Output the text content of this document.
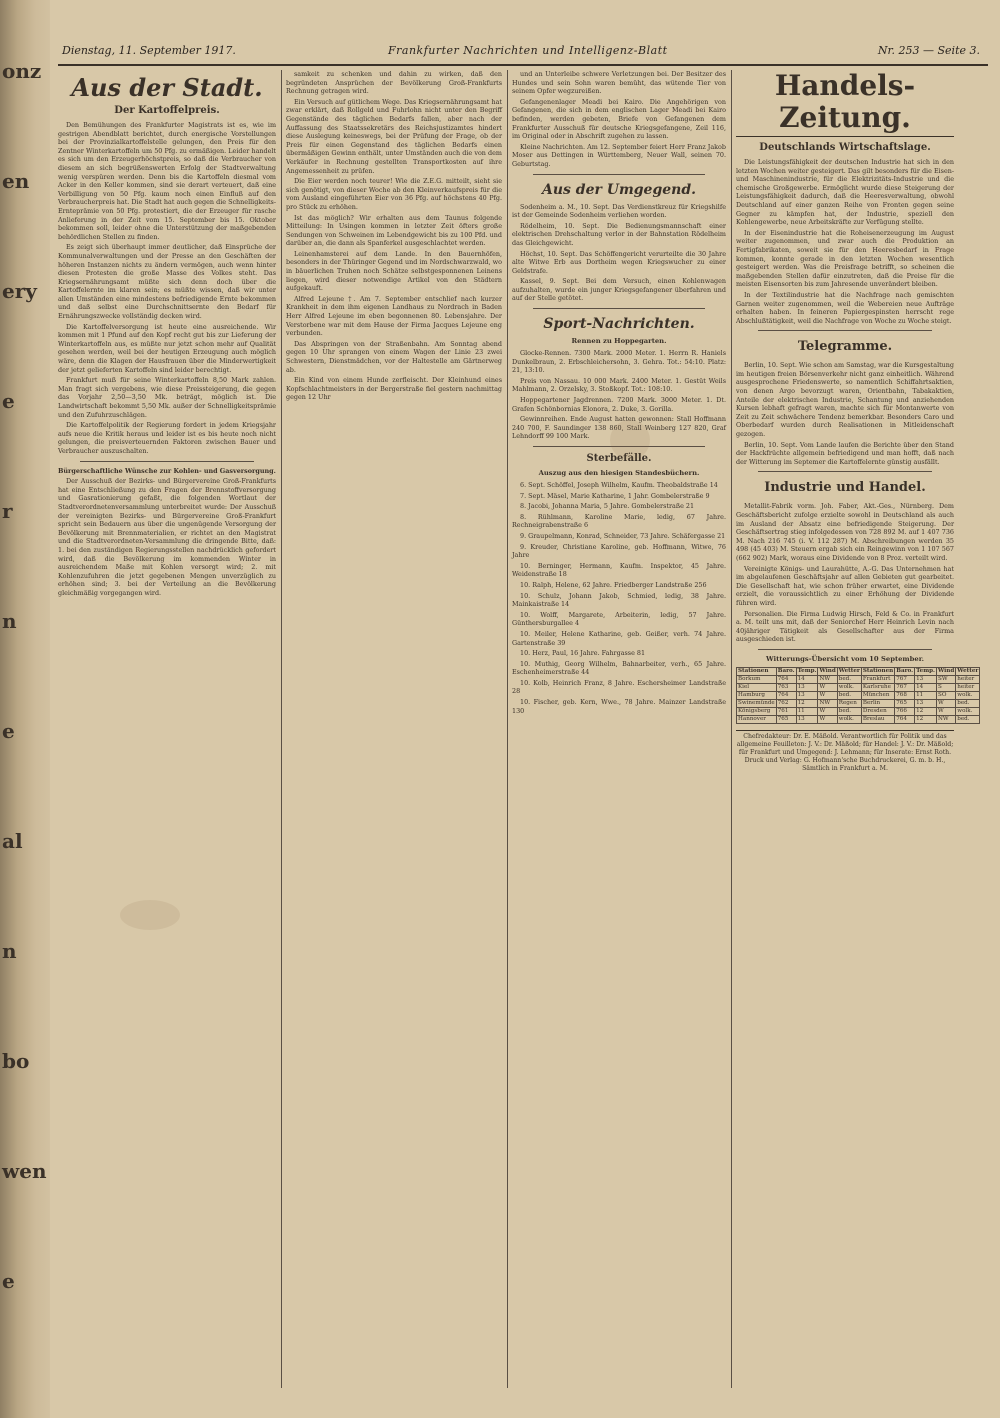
onz
en
ery
e
r
n
e
al
n
bo
wen
e
Dienstag, 11. September 1917.	Frankfurter Nachrichten und Intelligenz-Blatt	Nr. 253 — Seite 3.
Aus der Stadt.
Der Kartoffelpreis.

Den Bemühungen des Frankfurter Magistrats ist es, wie im gestrigen Abendblatt berichtet, durch energische Vorstellungen bei der Provinzialkartoffelstelle gelungen, den Preis für den Zentner Winterkartoffeln um 50 Pfg. zu ermäßigen. Leider handelt es sich um den Erzeugerhöchstpreis, so daß die Verbraucher von diesem an sich begrüßenswerten Erfolg der Stadtverwaltung wenig verspüren werden. Denn bis die Kartoffeln diesmal vom Acker in den Keller kommen, sind sie derart verteuert, daß eine Verbilligung von 50 Pfg. kaum noch einen Einfluß auf den Verbraucherpreis hat. Die Stadt hat auch gegen die Schnelligkeits-Ernteprämie von 50 Pfg. protestiert, die der Erzeuger für rasche Anlieferung in der Zeit vom 15. September bis 15. Oktober bekommen soll, leider ohne die Unterstützung der maßgebenden behördlichen Stellen zu finden.

Es zeigt sich überhaupt immer deutlicher, daß Einsprüche der Kommunalverwaltungen und der Presse an den Geschäften der höheren Instanzen nichts zu ändern vermögen, auch wenn hinter diesen Protesten die große Masse des Volkes steht. Das Kriegsernährungsamt müßte sich denn doch über die Kartoffelernte im klaren sein; es müßte wissen, daß wir unter allen Umständen eine mindestens befriedigende Ernte bekommen und daß selbst eine Durchschnittsernte den Bedarf für Ernährungszwecke vollständig decken wird.

Die Kartoffelversorgung ist heute eine ausreichende. Wir kommen mit 1 Pfund auf den Kopf recht gut bis zur Lieferung der Winterkartoffeln aus, es müßte nur jetzt schon mehr auf Qualität gesehen werden, weil bei der heutigen Erzeugung auch möglich wäre, denn die Klagen der Hausfrauen über die Minderwertigkeit der jetzt gelieferten Kartoffeln sind leider berechtigt.

Frankfurt muß für seine Winterkartoffeln 8,50 Mark zahlen. Man fragt sich vergebens, wie diese Preissteigerung, die gegen das Vorjahr 2,50—3,50 Mk. beträgt, möglich ist. Die Landwirtschaft bekommt 5,50 Mk. außer der Schnelligkeitsprämie und den Zufuhrzuschlägen.

Die Kartoffelpolitik der Regierung fordert in jedem Kriegsjahr aufs neue die Kritik heraus und leider ist es bis heute noch nicht gelungen, die preisverteuernden Faktoren zwischen Bauer und Verbraucher auszuschalten.

Bürgerschaftliche Wünsche zur Kohlen- und Gasversorgung.

Der Ausschuß der Bezirks- und Bürgervereine Groß-Frankfurts hat eine Entschließung zu den Fragen der Brennstoffversorgung und Gasrationierung gefaßt, die folgenden Wortlaut der Stadtverordnetenversammlung unterbreitet wurde: Der Ausschuß der vereinigten Bezirks- und Bürgervereine Groß-Frankfurt spricht sein Bedauern aus über die ungenügende Versorgung der Bevölkerung mit Brennmaterialien, er richtet an den Magistrat und die Stadtverordneten-Versammlung die dringende Bitte, daß: 1. bei den zuständigen Regierungsstellen nachdrücklich gefordert wird, daß die Bevölkerung im kommenden Winter in ausreichendem Maße mit Kohlen versorgt wird; 2. mit Kohlenzufuhren die jetzt gegebenen Mengen unverzüglich zu erhöhen sind; 3. bei der Verteilung an die Bevölkerung gleichmäßig vorgegangen wird.

samkeit zu schenken und dahin zu wirken, daß den begründeten Ansprüchen der Bevölkerung Groß-Frankfurts Rechnung getragen wird.

Ein Versuch auf gütlichem Wege. Das Kriegsernährungsamt hat zwar erklärt, daß Rollgeld und Fuhrlohn nicht unter den Begriff Gegenstände des täglichen Bedarfs fallen, aber nach der Auffassung des Staatssekretärs des Reichsjustizamtes hindert diese Auslegung keineswegs, bei der Prüfung der Frage, ob der Preis für einen Gegenstand des täglichen Bedarfs einen übermäßigen Gewinn enthält, unter Umständen auch die von dem Verkäufer in Rechnung gestellten Transportkosten auf ihre Angemessenheit zu prüfen.

Die Eier werden noch teurer! Wie die Z.E.G. mitteilt, sieht sie sich genötigt, von dieser Woche ab den Kleinverkaufspreis für die vom Ausland eingeführten Eier von 36 Pfg. auf höchstens 40 Pfg. pro Stück zu erhöhen.

Ist das möglich? Wir erhalten aus dem Taunus folgende Mitteilung: In Usingen kommen in letzter Zeit öfters große Sendungen von Schweinen im Lebendgewicht bis zu 100 Pfd. und darüber an, die dann als Spanferkel ausgeschlachtet werden.

Leinenhamsterei auf dem Lande. In den Bauernhöfen, besonders in der Thüringer Gegend und im Nordschwarzwald, wo in bäuerlichen Truhen noch Schätze selbstgesponnenen Leinens liegen, wird dieser notwendige Artikel von den Städtern aufgekauft.

Alfred Lejeune †. Am 7. September entschlief nach kurzer Krankheit in dem ihm eigenen Landhaus zu Nordrach in Baden Herr Alfred Lejeune im eben begonnenen 80. Lebensjahre. Der Verstorbene war mit dem Hause der Firma Jacques Lejeune eng verbunden.

Das Abspringen von der Straßenbahn. Am Sonntag abend gegen 10 Uhr sprangen von einem Wagen der Linie 23 zwei Schwestern, Dienstmädchen, vor der Haltestelle am Gärtnerweg ab.

Ein Kind von einem Hunde zerfleischt. Der Kleinhund eines Kopfschlachtmeisters in der Bergerstraße fiel gestern nachmittag gegen 12 Uhr

und an Unterleibe schwere Verletzungen bei. Der Besitzer des Hundes und sein Sohn waren bemüht, das wütende Tier von seinem Opfer wegzureißen.

Gefangenenlager Meadi bei Kairo. Die Angehörigen von Gefangenen, die sich in dem englischen Lager Meadi bei Kairo befinden, werden gebeten, Briefe von Gefangenen dem Frankfurter Ausschuß für deutsche Kriegsgefangene, Zeil 116, im Original oder in Abschrift zugehen zu lassen.

Kleine Nachrichten. Am 12. September feiert Herr Franz Jakob Moser aus Dettingen in Württemberg, Neuer Wall, seinen 70. Geburtstag.

Aus der Umgegend.

Sodenheim a. M., 10. Sept. Das Verdienstkreuz für Kriegshilfe ist der Gemeinde Sodenheim verliehen worden.

Rödelheim, 10. Sept. Die Bedienungsmannschaft einer elektrischen Drehschaltung verlor in der Bahnstation Rödelheim das Gleichgewicht.

Höchst, 10. Sept. Das Schöffengericht verurteilte die 30 Jahre alte Witwe Erb aus Dortheim wegen Kriegswucher zu einer Geldstrafe.

Kassel, 9. Sept. Bei dem Versuch, einen Kohlenwagen aufzuhalten, wurde ein junger Kriegsgefangener überfahren und auf der Stelle getötet.

Sport-Nachrichten.
Rennen zu Hoppegarten.

Glocke-Rennen. 7300 Mark. 2000 Meter. 1. Herrn R. Haniels Dunkelbraun, 2. Erbschleichersohn, 3. Gehra. Tot.: 54:10. Platz: 21, 13:10.

Preis von Nassau. 10 000 Mark. 2400 Meter. 1. Gestüt Weils Mahlmann, 2. Orzelsky, 3. Stoßkopf. Tot.: 108:10.

Hoppegartener Jagdrennen. 7200 Mark. 3000 Meter. 1. Dt. Grafen Schönbornias Elonora, 2. Duke, 3. Gorilla.

Gewinnreihen. Ende August hatten gewonnen: Stall Hoffmann 240 700, F. Saundinger 138 860, Stall Weinberg 127 820, Graf Lehndorff 99 100 Mark.

Sterbefälle.
Auszug aus den hiesigen Standesbüchern.

6. Sept. Schöffel, Joseph Wilhelm, Kaufm. Theobaldstraße 14

7. Sept. Mäsel, Marie Katharine, 1 Jahr. Gombelerstraße 9

8. Jacobi, Johanna Maria, 5 Jahre. Gombelerstraße 21

8. Rühlmann, Karoline Marie, ledig, 67 Jahre. Rechneigrabenstraße 6

9. Graupelmann, Konrad, Schneider, 73 Jahre. Schäfergasse 21

9. Kreuder, Christiane Karoline, geb. Hoffmann, Witwe, 76 Jahre

10. Berninger, Hermann, Kaufm. Inspektor, 45 Jahre. Weidenstraße 18

10. Ralph, Helene, 62 Jahre. Friedberger Landstraße 256

10. Schulz, Johann Jakob, Schmied, ledig, 38 Jahre. Mainkaistraße 14

10. Wolff, Margarete, Arbeiterin, ledig, 57 Jahre. Günthersburgallee 4

10. Meiler, Helene Katharine, geb. Geißer, verh. 74 Jahre. Gartenstraße 39

10. Herz, Paul, 16 Jahre. Fahrgasse 81

10. Muthig, Georg Wilhelm, Bahnarbeiter, verh., 65 Jahre. Eschenheimerstraße 44

10. Kolb, Heinrich Franz, 8 Jahre. Eschersheimer Landstraße 28

10. Fischer, geb. Kern, Wwe., 78 Jahre. Mainzer Landstraße 130

Handels-Zeitung.
Deutschlands Wirtschaftslage.

Die Leistungsfähigkeit der deutschen Industrie hat sich in den letzten Wochen weiter gesteigert. Das gilt besonders für die Eisen- und Maschinenindustrie, für die Elektrizitäts-Industrie und die chemische Großgewerbe. Ermöglicht wurde diese Steigerung der Leistungsfähigkeit dadurch, daß die Heeresverwaltung, obwohl Deutschland auf einer ganzen Reihe von Fronten gegen seine Gegner zu kämpfen hat, der Industrie, speziell den Kohlengewerbe, neue Arbeitskräfte zur Verfügung stellte.

In der Eisenindustrie hat die Roheisenerzeugung im August weiter zugenommen, und zwar auch die Produktion an Fertigfabrikaten, soweit sie für den Heeresbedarf in Frage kommen, konnte gerade in den letzten Wochen wesentlich gesteigert werden. Was die Preisfrage betrifft, so scheinen die maßgebenden Stellen dafür einzutreten, daß die Preise für die meisten Eisensorten bis zum Jahresende unverändert bleiben.

In der Textilindustrie hat die Nachfrage nach gemischten Garnen weiter zugenommen, weil die Webereien neue Aufträge erhalten haben. In feineren Papiergespinsten herrscht rege Abschlußtätigkeit, weil die Nachfrage von Woche zu Woche steigt.

Telegramme.

Berlin, 10. Sept. Wie schon am Samstag, war die Kursgestaltung im heutigen freien Börsenverkehr nicht ganz einheitlich. Während ausgesprochene Friedenswerte, so namentlich Schiffahrtsaktien, von denen Argo bevorzugt waren, Orientbahn, Tabakaktien, Anteile der elektrischen Industrie, Schantung und anziehenden Kursen lebhaft gefragt waren, machte sich für Montanwerte von Zeit zu Zeit schwächere Tendenz bemerkbar. Besonders Caro und Oberbedarf wurden durch Realisationen in Mitleidenschaft gezogen.

Berlin, 10. Sept. Vom Lande laufen die Berichte über den Stand der Hackfrüchte allgemein befriedigend und man hofft, daß nach der Witterung im Septemer die Kartoffelernte günstig ausfällt.

Industrie und Handel.

Metallit-Fabrik vorm. Joh. Faber, Akt.-Ges., Nürnberg. Dem Geschäftsbericht zufolge erzielte sowohl in Deutschland als auch im Ausland der Absatz eine befriedigende Steigerung. Der Geschäftsertrag stieg infolgedessen von 728 892 M. auf 1 407 736 M. Nach 216 745 (i. V. 112 287) M. Abschreibungen werden 35 498 (45 403) M. Steuern ergab sich ein Reingewinn von 1 107 567 (662 902) Mark, woraus eine Dividende von 8 Proz. verteilt wird.

Vereinigte Königs- und Laurahütte, A.-G. Das Unternehmen hat im abgelaufenen Geschäftsjahr auf allen Gebieten gut gearbeitet. Die Gesellschaft hat, wie schon früher erwartet, eine Dividende erzielt, die voraussichtlich zu einer Erhöhung der Dividende führen wird.

Personalien. Die Firma Ludwig Hirsch, Feld & Co. in Frankfurt a. M. teilt uns mit, daß der Seniorchef Herr Heinrich Levin nach 40jähriger Tätigkeit als Gesellschafter aus der Firma ausgeschieden ist.

Witterungs-Übersicht vom 10 September.
Stationen	Baro.	Temp.	Wind	Wetter	Stationen	Baro.	Temp.	Wind	Wetter
Borkum	764	14	NW	bed.	Frankfurt	767	13	SW	heiter
Kiel	763	13	W	wolk.	Karlsruhe	767	14	S	heiter
Hamburg	764	13	W	bed.	München	768	11	SO	wolk.
Swinemünde	762	12	NW	Regen	Berlin	765	13	W	bed.
Königsberg	761	11	W	bed.	Dresden	766	12	W	wolk.
Hannover	765	13	W	wolk.	Breslau	764	12	NW	bed.
Chefredakteur: Dr. E. Mäßold. Verantwortlich für Politik und das allgemeine Feuilleton: J. V.: Dr. Mäßold; für Handel: J. V.: Dr. Mäßold; für Frankfurt und Umgegend: J. Lehmann; für Inserate: Ernst Roth. Druck und Verlag: G. Hofmann'sche Buchdruckerei, G. m. b. H., Sämtlich in Frankfurt a. M.
